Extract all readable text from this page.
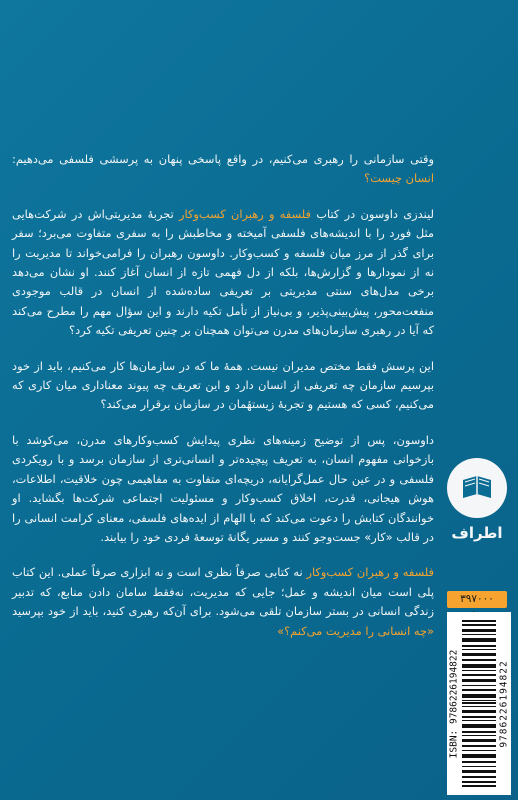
وقتی سازمانی را رهبری می‌کنیم، در واقع پاسخی پنهان به پرسشی فلسفی می‌دهیم: انسان چیست؟

لیندزی داوسون در کتاب فلسفه و رهبران کسب‌وکار تجربهٔ مدیریتی‌اش در شرکت‌هایی مثل فورد را با اندیشه‌های فلسفی آمیخته و مخاطبش را به سفری متفاوت می‌برد؛ سفر برای گذر از مرز میان فلسفه و کسب‌وکار. داوسون رهبران را فرامی‌خواند تا مدیریت را نه از نمودارها و گزارش‌ها، بلکه از دل فهمی تازه از انسان آغاز کنند. او نشان می‌دهد برخی مدل‌های سنتی مدیریتی بر تعریفی ساده‌شده از انسان در قالب موجودی منفعت‌محور، پیش‌بینی‌پذیر، و بی‌نیاز از تأمل تکیه دارند و این سؤال مهم را مطرح می‌کند که آیا در رهبری سازمان‌های مدرن می‌توان همچنان بر چنین تعریفی تکیه کرد؟

این پرسش فقط مختص مدیران نیست. همهٔ ما که در سازمان‌ها کار می‌کنیم، باید از خود بپرسیم سازمان چه تعریفی از انسان دارد و این تعریف چه پیوند معناداری میان کاری که می‌کنیم، کسی که هستیم و تجربهٔ زیستهٔمان در سازمان برقرار می‌کند؟

داوسون، پس از توضیح زمینه‌های نظری پیدایش کسب‌وکارهای مدرن، می‌کوشد با بازخوانی مفهوم انسان، به تعریف پیچیده‌تر و انسانی‌تری از سازمان برسد و با رویکردی فلسفی و در عین حال عمل‌گرایانه، دریچه‌ای متفاوت به مفاهیمی چون خلاقیت، اطلاعات، هوش هیجانی، قدرت، اخلاق کسب‌وکار و مسئولیت اجتماعی شرکت‌ها بگشاید. او خوانندگان کتابش را دعوت می‌کند که با الهام از ایده‌های فلسفی، معنای کرامت انسانی را در قالب «کار» جست‌وجو کنند و مسیر یگانهٔ توسعهٔ فردی خود را بیابند.

فلسفه و رهبران کسب‌وکار نه کتابی صرفاً نظری است و نه ابزاری صرفاً عملی. این کتاب پلی است میان اندیشه و عمل؛ جایی که مدیریت، نه‌فقط سامان دادن منابع، که تدبیر زندگی انسانی در بستر سازمان تلقی می‌شود. برای آن‌که رهبری کنید، باید از خود بپرسید «چه انسانی را مدیریت می‌کنم؟»

اطراف
۳۹۷۰۰۰
ISBN: 9786226194822	9786226194822
